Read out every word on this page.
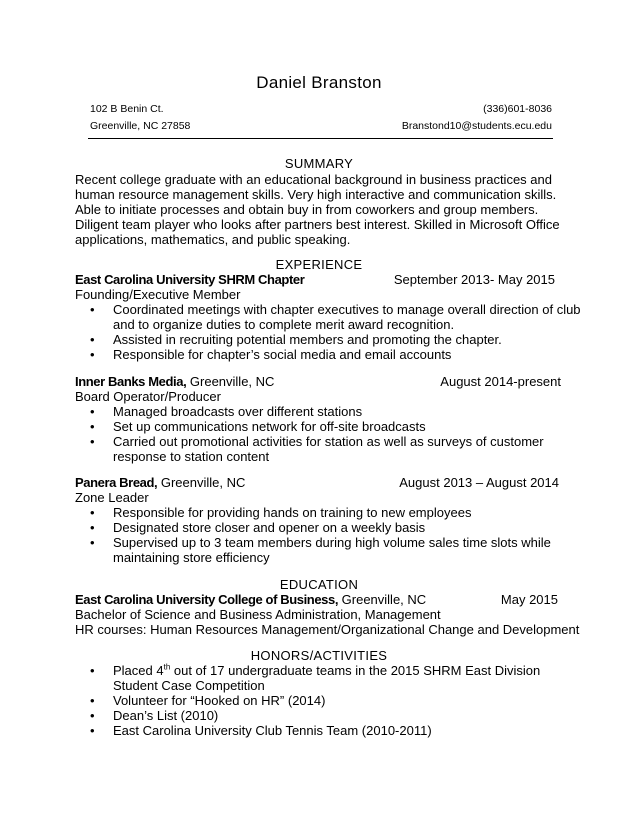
Daniel Branston
102 B Benin Ct.
Greenville, NC 27858
(336)601-8036
Branstond10@students.ecu.edu
SUMMARY
Recent college graduate with an educational background in business practices and
human resource management skills. Very high interactive and communication skills.
Able to initiate processes and obtain buy in from coworkers and group members.
Diligent team player who looks after partners best interest. Skilled in Microsoft Office
applications, mathematics, and public speaking.
EXPERIENCE
East Carolina University SHRM Chapter	September 2013- May 2015
Founding/Executive Member
• Coordinated meetings with chapter executives to manage overall direction of club
and to organize duties to complete merit award recognition.
• Assisted in recruiting potential members and promoting the chapter.
• Responsible for chapter’s social media and email accounts
Inner Banks Media, Greenville, NC	August 2014-present
Board Operator/Producer
• Managed broadcasts over different stations
• Set up communications network for off-site broadcasts
• Carried out promotional activities for station as well as surveys of customer
response to station content
Panera Bread, Greenville, NC	August 2013 – August 2014
Zone Leader
• Responsible for providing hands on training to new employees
• Designated store closer and opener on a weekly basis
• Supervised up to 3 team members during high volume sales time slots while
maintaining store efficiency
EDUCATION
East Carolina University College of Business, Greenville, NC	May 2015
Bachelor of Science and Business Administration, Management
HR courses: Human Resources Management/Organizational Change and Development
HONORS/ACTIVITIES
• Placed 4th out of 17 undergraduate teams in the 2015 SHRM East Division
Student Case Competition
• Volunteer for “Hooked on HR” (2014)
• Dean’s List (2010)
• East Carolina University Club Tennis Team (2010-2011)
